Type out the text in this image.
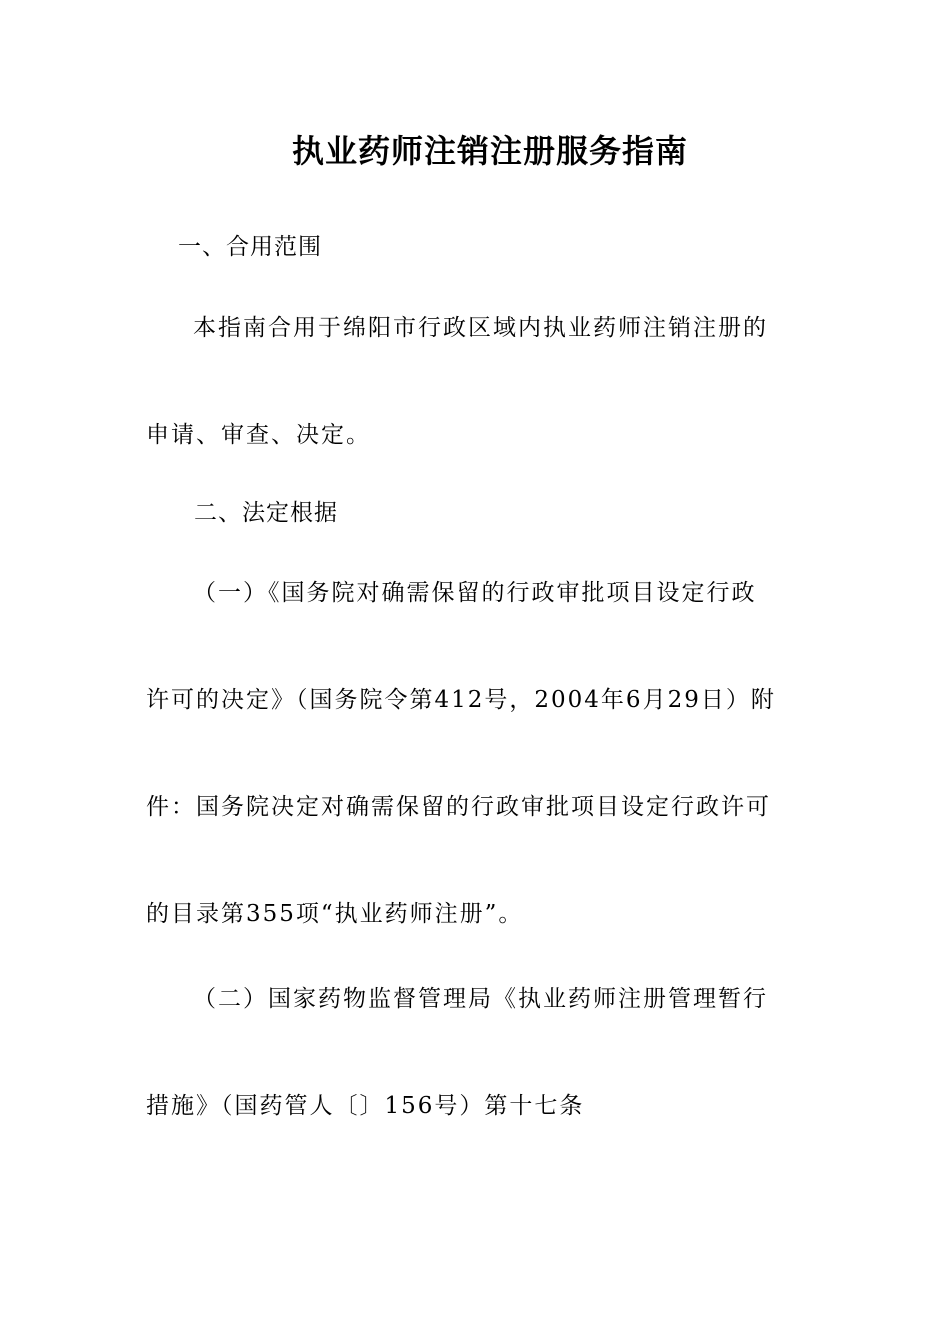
执业药师注销注册服务指南
一、合用范围
本指南合用于绵阳市行政区域内执业药师注销注册的
申请、审查、决定。
二、法定根据
（一）《国务院对确需保留的行政审批项目设定行政
许可的决定》（国务院令第412号，2004年6月29日）附
件：国务院决定对确需保留的行政审批项目设定行政许可
的目录第355项“执业药师注册”。
（二）国家药物监督管理局《执业药师注册管理暂行
措施》（国药管人〔〕156号）第十七条
